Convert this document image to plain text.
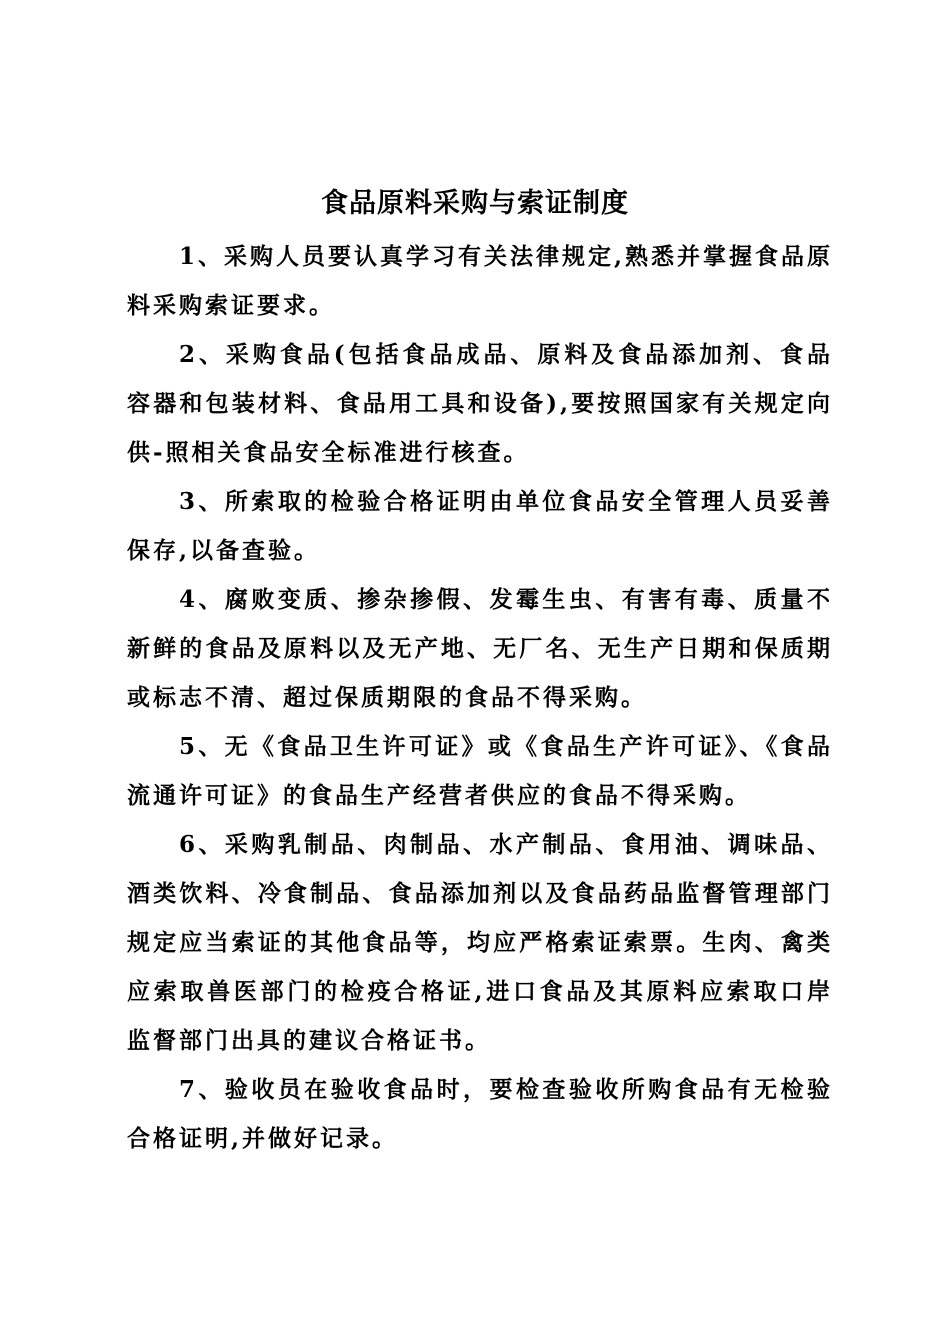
食品原料采购与索证制度

1、采购人员要认真学习有关法律规定,熟悉并掌握食品原料采购索证要求。

2、采购食品(包括食品成品、原料及食品添加剂、食品容器和包装材料、食品用工具和设备),要按照国家有关规定向供-照相关食品安全标准进行核查。

3、所索取的检验合格证明由单位食品安全管理人员妥善保存,以备查验。

4、腐败变质、掺杂掺假、发霉生虫、有害有毒、质量不新鲜的食品及原料以及无产地、无厂名、无生产日期和保质期或标志不清、超过保质期限的食品不得采购。

5、无《食品卫生许可证》或《食品生产许可证》、《食品流通许可证》的食品生产经营者供应的食品不得采购。

6、采购乳制品、肉制品、水产制品、食用油、调味品、酒类饮料、冷食制品、食品添加剂以及食品药品监督管理部门规定应当索证的其他食品等，均应严格索证索票。生肉、禽类应索取兽医部门的检疫合格证,进口食品及其原料应索取口岸监督部门出具的建议合格证书。

7、验收员在验收食品时，要检查验收所购食品有无检验合格证明,并做好记录。
